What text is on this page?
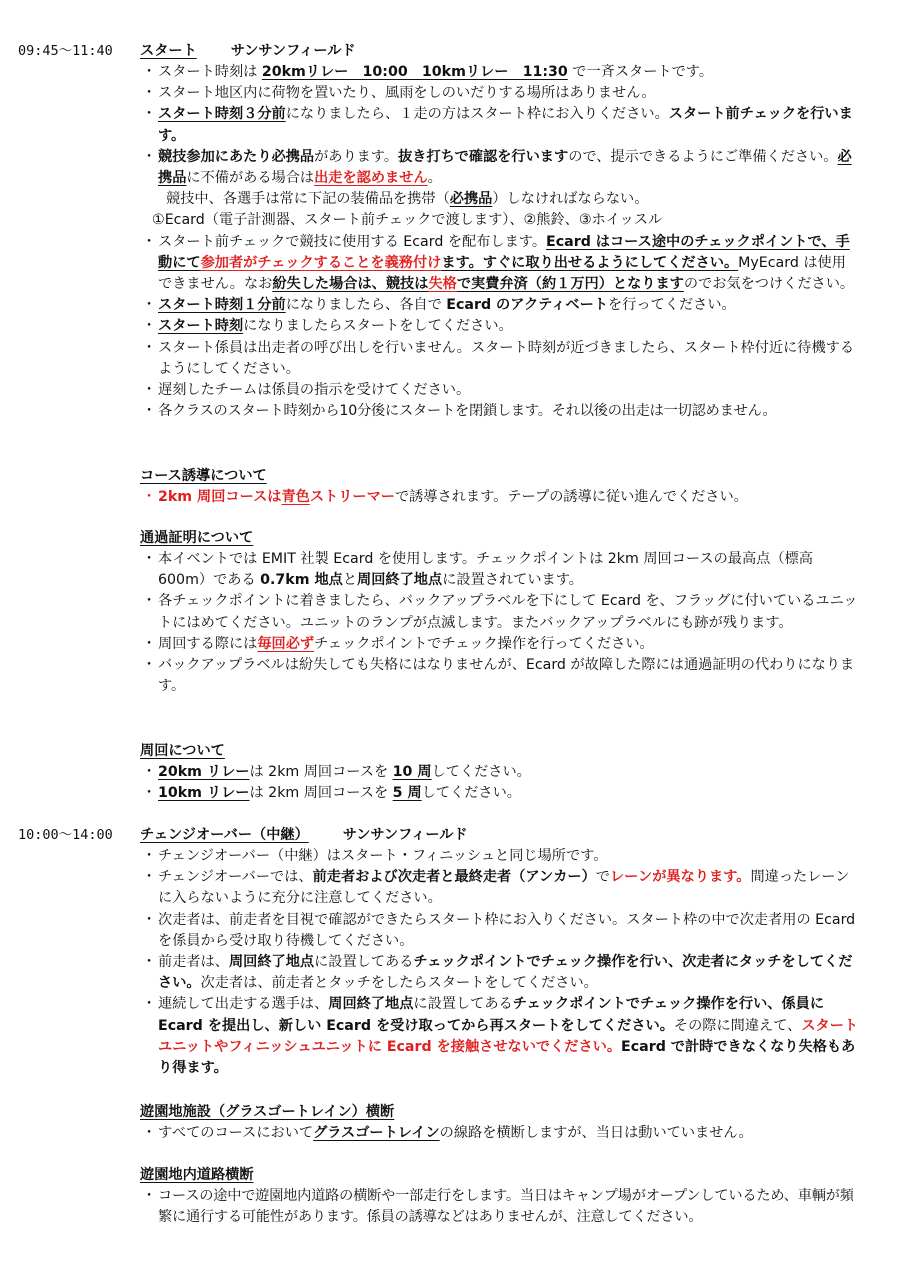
09:45〜11:40	スタート サンサンフィールド
・ スタート時刻は 20kmリレー　10:00　10kmリレー　11:30 で一斉スタートです。
・ スタート地区内に荷物を置いたり、風雨をしのいだりする場所はありません。
・ スタート時刻３分前になりましたら、１走の方はスタート枠にお入りください。スタート前チェックを行います。
・ 競技参加にあたり必携品があります。抜き打ちで確認を行いますので、提示できるようにご準備ください。必携品に不備がある場合は出走を認めません。
競技中、各選手は常に下記の装備品を携帯（必携品）しなければならない。
①Ecard（電子計測器、スタート前チェックで渡します）、②熊鈴、③ホイッスル
・ スタート前チェックで競技に使用する Ecard を配布します。Ecard はコース途中のチェックポイントで、手動にて参加者がチェックすることを義務付けます。すぐに取り出せるようにしてください。MyEcard は使用できません。なお紛失した場合は、競技は失格で実費弁済（約１万円）となりますのでお気をつけください。
・ スタート時刻１分前になりましたら、各自で Ecard のアクティベートを行ってください。
・ スタート時刻になりましたらスタートをしてください。
・ スタート係員は出走者の呼び出しを行いません。スタート時刻が近づきましたら、スタート枠付近に待機するようにしてください。
・ 遅刻したチームは係員の指示を受けてください。
・ 各クラスのスタート時刻から10分後にスタートを閉鎖します。それ以後の出走は一切認めません。
コース誘導について
・ 2km 周回コースは青色ストリーマーで誘導されます。テープの誘導に従い進んでください。
通過証明について
・ 本イベントでは EMIT 社製 Ecard を使用します。チェックポイントは 2km 周回コースの最高点（標高 600m）である 0.7km 地点と周回終了地点に設置されています。
・ 各チェックポイントに着きましたら、バックアップラベルを下にして Ecard を、フラッグに付いているユニットにはめてください。ユニットのランプが点滅します。またバックアップラベルにも跡が残ります。
・ 周回する際には毎回必ずチェックポイントでチェック操作を行ってください。
・ バックアップラベルは紛失しても失格にはなりませんが、Ecard が故障した際には通過証明の代わりになります。
周回について
・ 20km リレーは 2km 周回コースを 10 周してください。
・ 10km リレーは 2km 周回コースを 5 周してください。
10:00〜14:00	チェンジオーバー（中継） サンサンフィールド
・ チェンジオーバー（中継）はスタート・フィニッシュと同じ場所です。
・ チェンジオーバーでは、前走者および次走者と最終走者（アンカー）でレーンが異なります。間違ったレーンに入らないように充分に注意してください。
・ 次走者は、前走者を目視で確認ができたらスタート枠にお入りください。スタート枠の中で次走者用の Ecard を係員から受け取り待機してください。
・ 前走者は、周回終了地点に設置してあるチェックポイントでチェック操作を行い、次走者にタッチをしてください。次走者は、前走者とタッチをしたらスタートをしてください。
・ 連続して出走する選手は、周回終了地点に設置してあるチェックポイントでチェック操作を行い、係員に Ecard を提出し、新しい Ecard を受け取ってから再スタートをしてください。その際に間違えて、スタートユニットやフィニッシュユニットに Ecard を接触させないでください。Ecard で計時できなくなり失格もあり得ます。
遊園地施設（グラスゴートレイン）横断
・ すべてのコースにおいてグラスゴートレインの線路を横断しますが、当日は動いていません。
遊園地内道路横断
・ コースの途中で遊園地内道路の横断や一部走行をします。当日はキャンプ場がオープンしているため、車輌が頻繁に通行する可能性があります。係員の誘導などはありませんが、注意してください。
